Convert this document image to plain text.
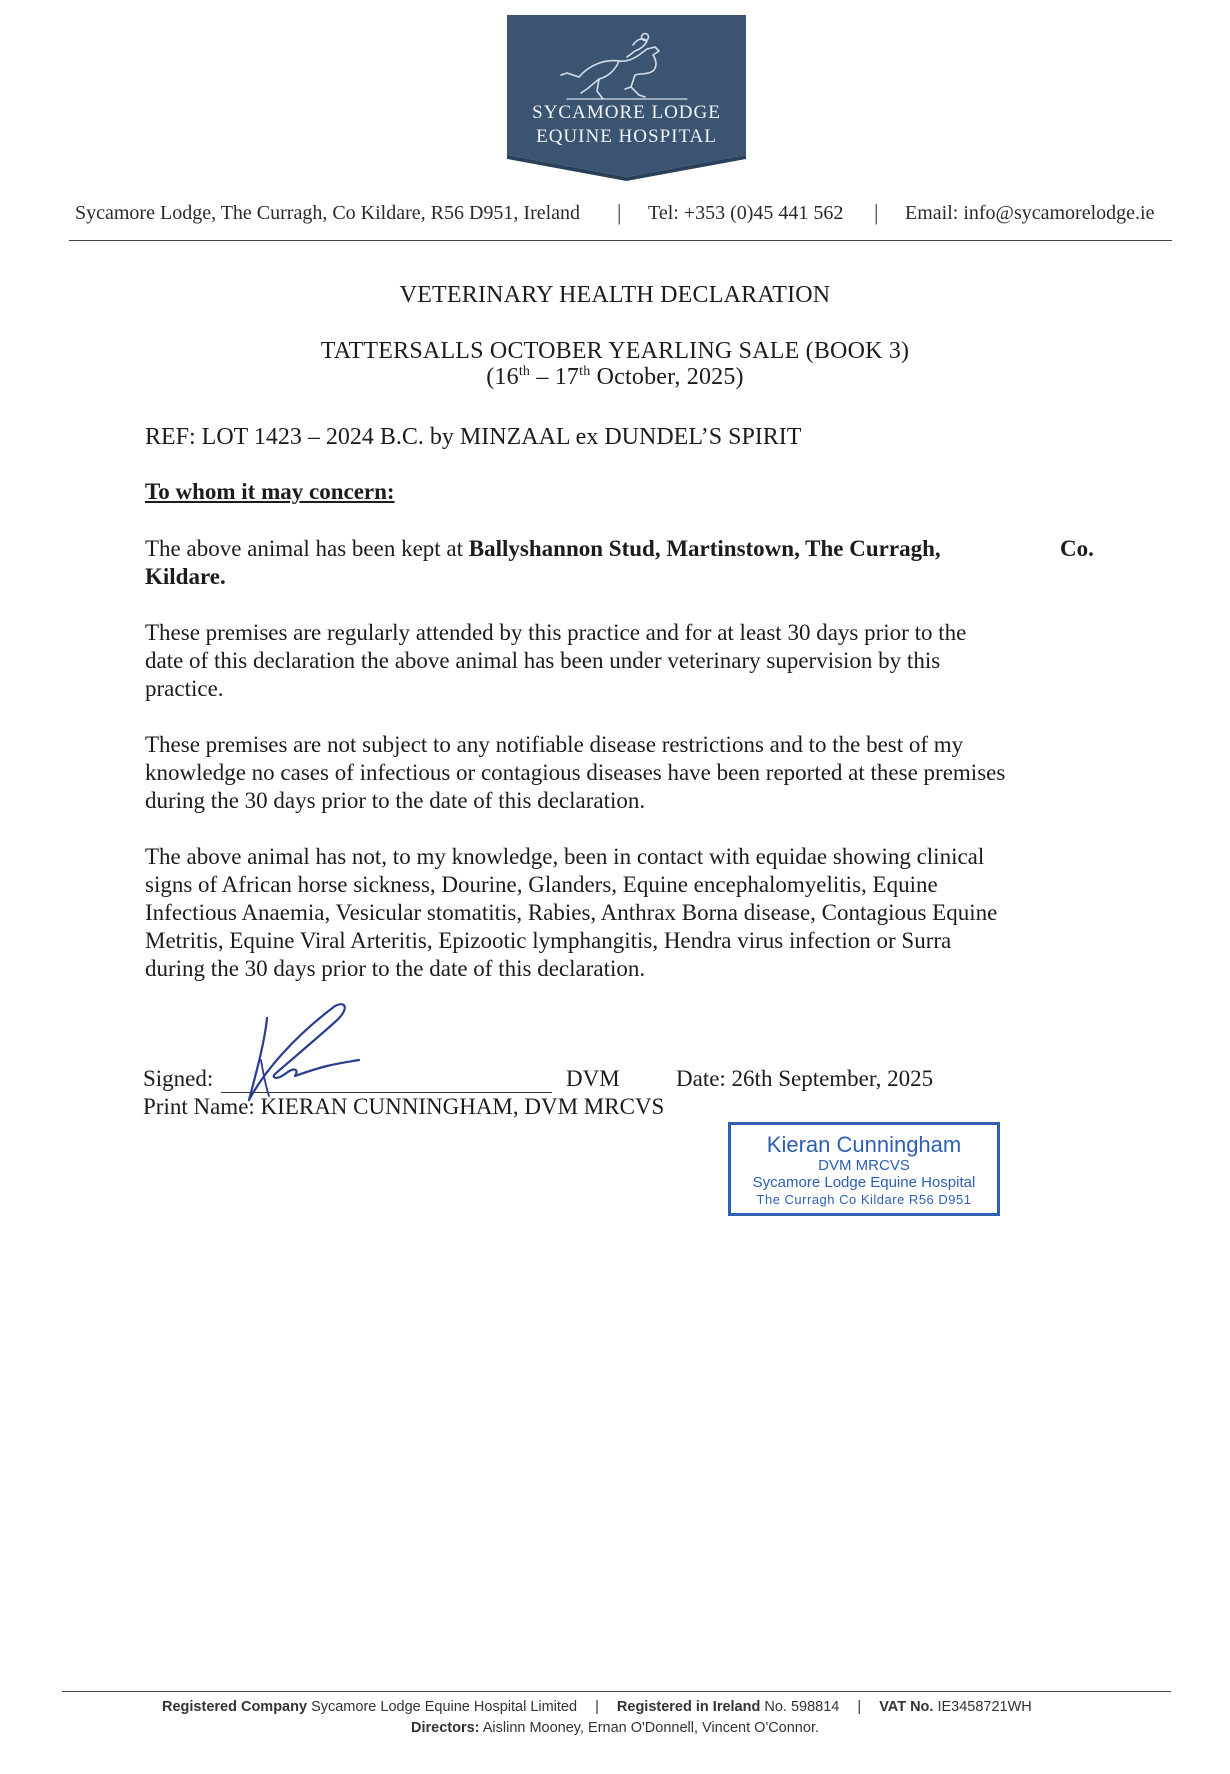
SYCAMORE LODGE
EQUINE HOSPITAL
Sycamore Lodge, The Curragh, Co Kildare, R56 D951, Ireland | Tel: +353 (0)45 441 562 | Email: info@sycamorelodge.ie
VETERINARY HEALTH DECLARATION
TATTERSALLS OCTOBER YEARLING SALE (BOOK 3)
(16th – 17th October, 2025)
REF: LOT 1423 – 2024 B.C. by MINZAAL ex DUNDEL’S SPIRIT
To whom it may concern:
The above animal has been kept at Ballyshannon Stud, Martinstown, The Curragh,	Co.
Kildare.
These premises are regularly attended by this practice and for at least 30 days prior to the
date of this declaration the above animal has been under veterinary supervision by this
practice.
These premises are not subject to any notifiable disease restrictions and to the best of my
knowledge no cases of infectious or contagious diseases have been reported at these premises
during the 30 days prior to the date of this declaration.
The above animal has not, to my knowledge, been in contact with equidae showing clinical
signs of African horse sickness, Dourine, Glanders, Equine encephalomyelitis, Equine
Infectious Anaemia, Vesicular stomatitis, Rabies, Anthrax Borna disease, Contagious Equine
Metritis, Equine Viral Arteritis, Epizootic lymphangitis, Hendra virus infection or Surra
during the 30 days prior to the date of this declaration.
Signed:	DVM Date: 26th September, 2025
Print Name: KIERAN CUNNINGHAM, DVM MRCVS
Kieran Cunningham
DVM MRCVS
Sycamore Lodge Equine Hospital
The Curragh Co Kildare R56 D951
Registered Company Sycamore Lodge Equine Hospital Limited | Registered in Ireland No. 598814 | VAT No. IE3458721WH
Directors: Aislinn Mooney, Ernan O'Donnell, Vincent O'Connor.
